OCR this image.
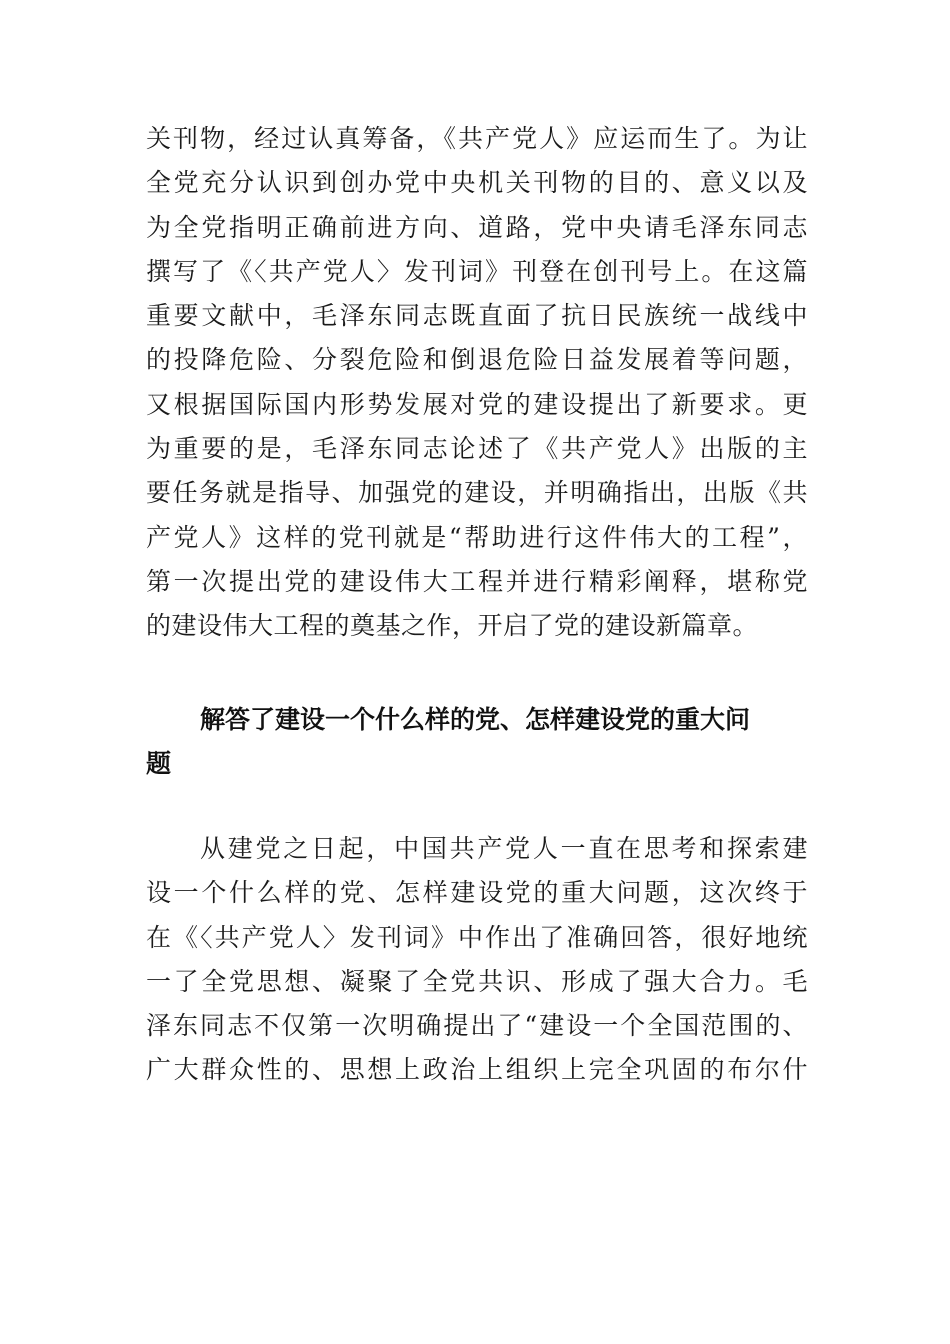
关刊物，经过认真筹备，《共产党人》应运而生了。为让
全党充分认识到创办党中央机关刊物的目的、意义以及
为全党指明正确前进方向、道路，党中央请毛泽东同志
撰写了《〈共产党人〉发刊词》刊登在创刊号上。在这篇
重要文献中，毛泽东同志既直面了抗日民族统一战线中
的投降危险、分裂危险和倒退危险日益发展着等问题，
又根据国际国内形势发展对党的建设提出了新要求。更
为重要的是，毛泽东同志论述了《共产党人》出版的主
要任务就是指导、加强党的建设，并明确指出，出版《共
产党人》这样的党刊就是“帮助进行这件伟大的工程”，
第一次提出党的建设伟大工程并进行精彩阐释，堪称党
的建设伟大工程的奠基之作，开启了党的建设新篇章。
解答了建设一个什么样的党、怎样建设党的重大问
题
从建党之日起，中国共产党人一直在思考和探索建
设一个什么样的党、怎样建设党的重大问题，这次终于
在《〈共产党人〉发刊词》中作出了准确回答，很好地统
一了全党思想、凝聚了全党共识、形成了强大合力。毛
泽东同志不仅第一次明确提出了“建设一个全国范围的、
广大群众性的、思想上政治上组织上完全巩固的布尔什
